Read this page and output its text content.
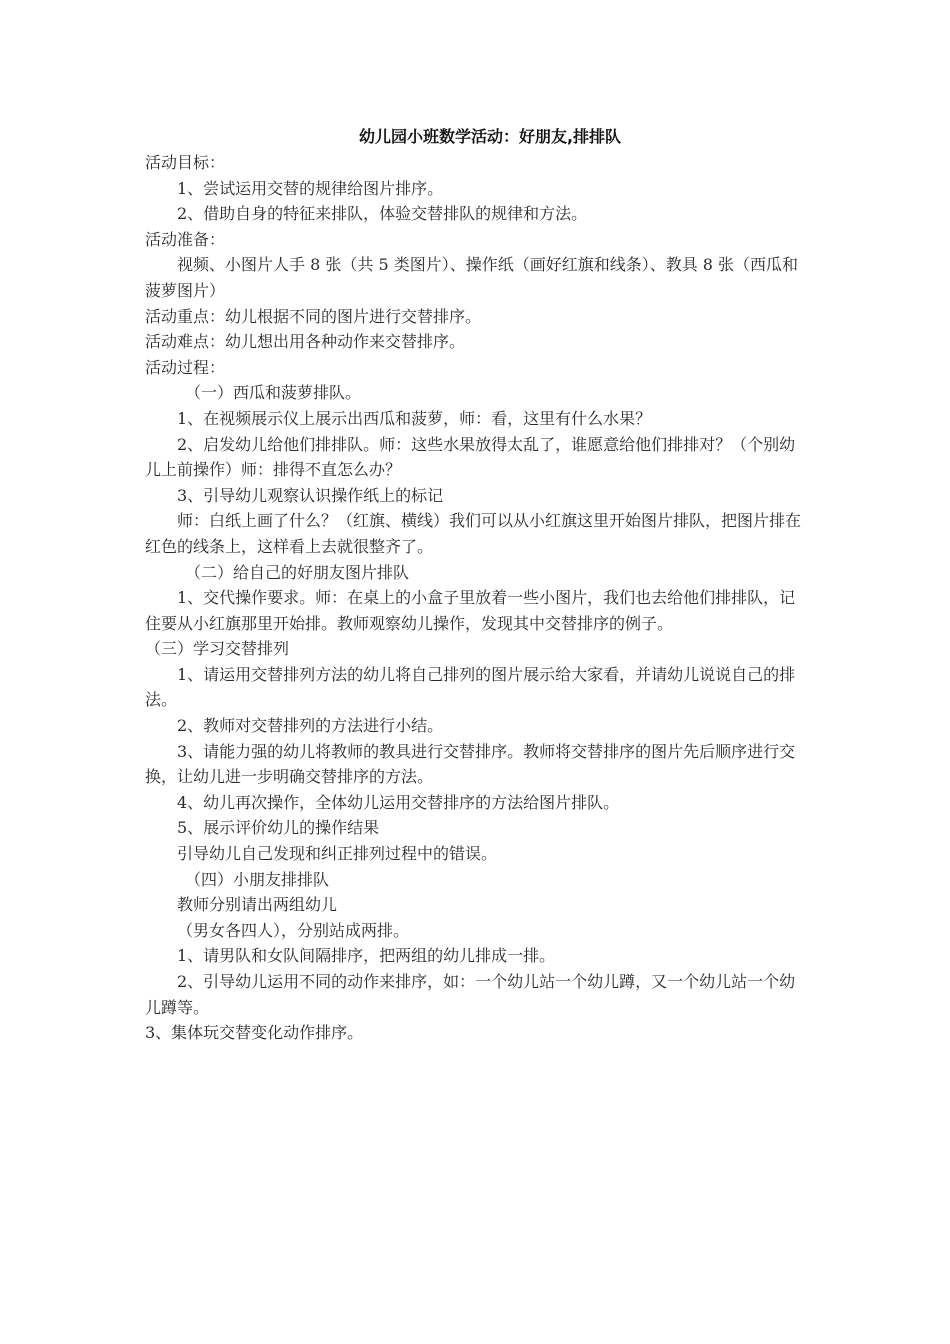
幼儿园小班数学活动：好朋友,排排队

活动目标：

1、尝试运用交替的规律给图片排序。

2、借助自身的特征来排队，体验交替排队的规律和方法。

活动准备：

视频、小图片人手 8 张（共 5 类图片）、操作纸（画好红旗和线条）、教具 8 张（西瓜和菠萝图片）

活动重点：幼儿根据不同的图片进行交替排序。

活动难点：幼儿想出用各种动作来交替排序。

活动过程：

（一）西瓜和菠萝排队。

1、在视频展示仪上展示出西瓜和菠萝，师：看，这里有什么水果？

2、启发幼儿给他们排排队。师：这些水果放得太乱了，谁愿意给他们排排对？（个别幼儿上前操作）师：排得不直怎么办？

3、引导幼儿观察认识操作纸上的标记

师：白纸上画了什么？（红旗、横线）我们可以从小红旗这里开始图片排队，把图片排在红色的线条上，这样看上去就很整齐了。

（二）给自己的好朋友图片排队

1、交代操作要求。师：在桌上的小盒子里放着一些小图片，我们也去给他们排排队，记住要从小红旗那里开始排。教师观察幼儿操作，发现其中交替排序的例子。

（三）学习交替排列

1、请运用交替排列方法的幼儿将自己排列的图片展示给大家看，并请幼儿说说自己的排法。

2、教师对交替排列的方法进行小结。

3、请能力强的幼儿将教师的教具进行交替排序。教师将交替排序的图片先后顺序进行交换，让幼儿进一步明确交替排序的方法。

4、幼儿再次操作，全体幼儿运用交替排序的方法给图片排队。

5、展示评价幼儿的操作结果

引导幼儿自己发现和纠正排列过程中的错误。

（四）小朋友排排队

教师分别请出两组幼儿

（男女各四人），分别站成两排。

1、请男队和女队间隔排序，把两组的幼儿排成一排。

2、引导幼儿运用不同的动作来排序，如：一个幼儿站一个幼儿蹲，又一个幼儿站一个幼儿蹲等。

3、集体玩交替变化动作排序。
